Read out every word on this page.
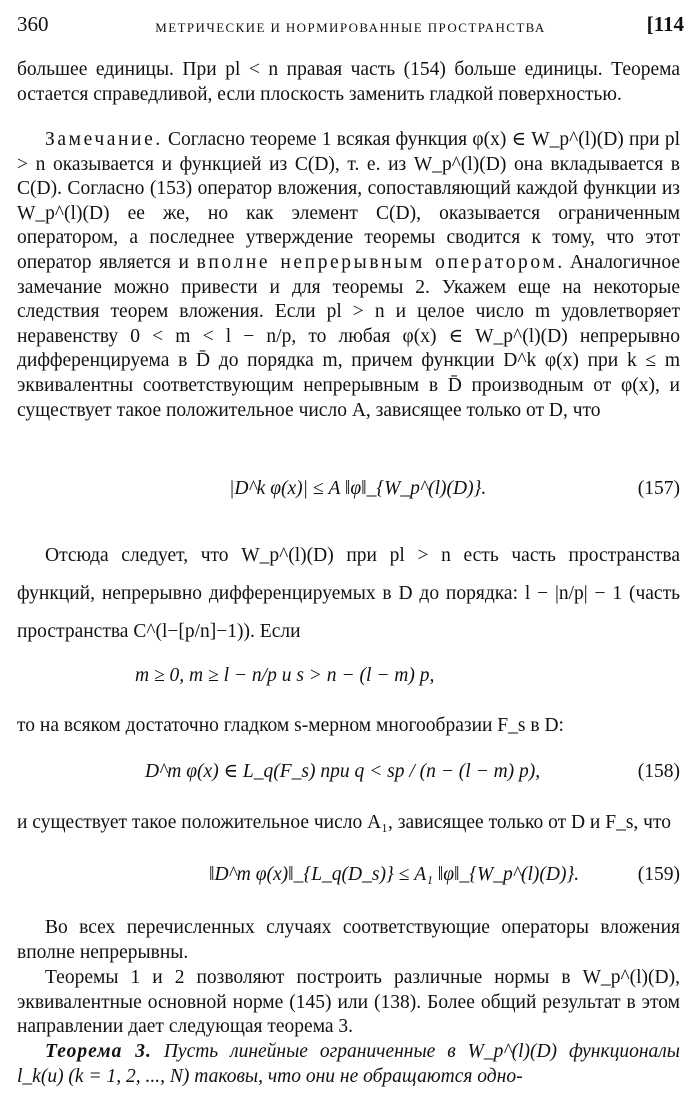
360	МЕТРИЧЕСКИЕ И НОРМИРОВАННЫЕ ПРОСТРАНСТВА	[114

большее единицы. При pl < n правая часть (154) больше единицы. Теорема остается справедливой, если плоскость заменить гладкой поверхностью.

Замечание. Согласно теореме 1 всякая функция φ(x) ∈ W_p^(l)(D) при pl > n оказывается и функцией из C(D), т. е. из W_p^(l)(D) она вкладывается в C(D). Согласно (153) оператор вложения, сопоставляющий каждой функции из W_p^(l)(D) ее же, но как элемент C(D), оказывается ограниченным оператором, а последнее утверждение теоремы сводится к тому, что этот оператор является и вполне непрерывным оператором. Аналогичное замечание можно привести и для теоремы 2. Укажем еще на некоторые следствия теорем вложения. Если pl > n и целое число m удовлетворяет неравенству 0 < m < l − n/p, то любая φ(x) ∈ W_p^(l)(D) непрерывно дифференцируема в D̄ до порядка m, причем функции D^k φ(x) при k ≤ m эквивалентны соответствующим непрерывным в D̄ производным от φ(x), и существует такое положительное число A, зависящее только от D, что

|D^k φ(x)| ≤ A ‖φ‖_{W_p^(l)(D)}.	(157)

Отсюда следует, что W_p^(l)(D) при pl > n есть часть пространства функций, непрерывно дифференцируемых в D до порядка: l − |n/p| − 1 (часть пространства C^(l−[p/n]−1)). Если

m ≥ 0, m ≥ l − n/p и s > n − (l − m) p,

то на всяком достаточно гладком s-мерном многообразии F_s в D:

D^m φ(x) ∈ L_q(F_s) при q < sp / (n − (l − m) p),	(158)

и существует такое положительное число A₁, зависящее только от D и F_s, что

‖D^m φ(x)‖_{L_q(D_s)} ≤ A₁ ‖φ‖_{W_p^(l)(D)}.	(159)

Во всех перечисленных случаях соответствующие операторы вложения вполне непрерывны.

Теоремы 1 и 2 позволяют построить различные нормы в W_p^(l)(D), эквивалентные основной норме (145) или (138). Более общий результат в этом направлении дает следующая теорема 3.

Теорема 3. Пусть линейные ограниченные в W_p^(l)(D) функционалы l_k(u) (k = 1, 2, ..., N) таковы, что они не обращаются одно-
